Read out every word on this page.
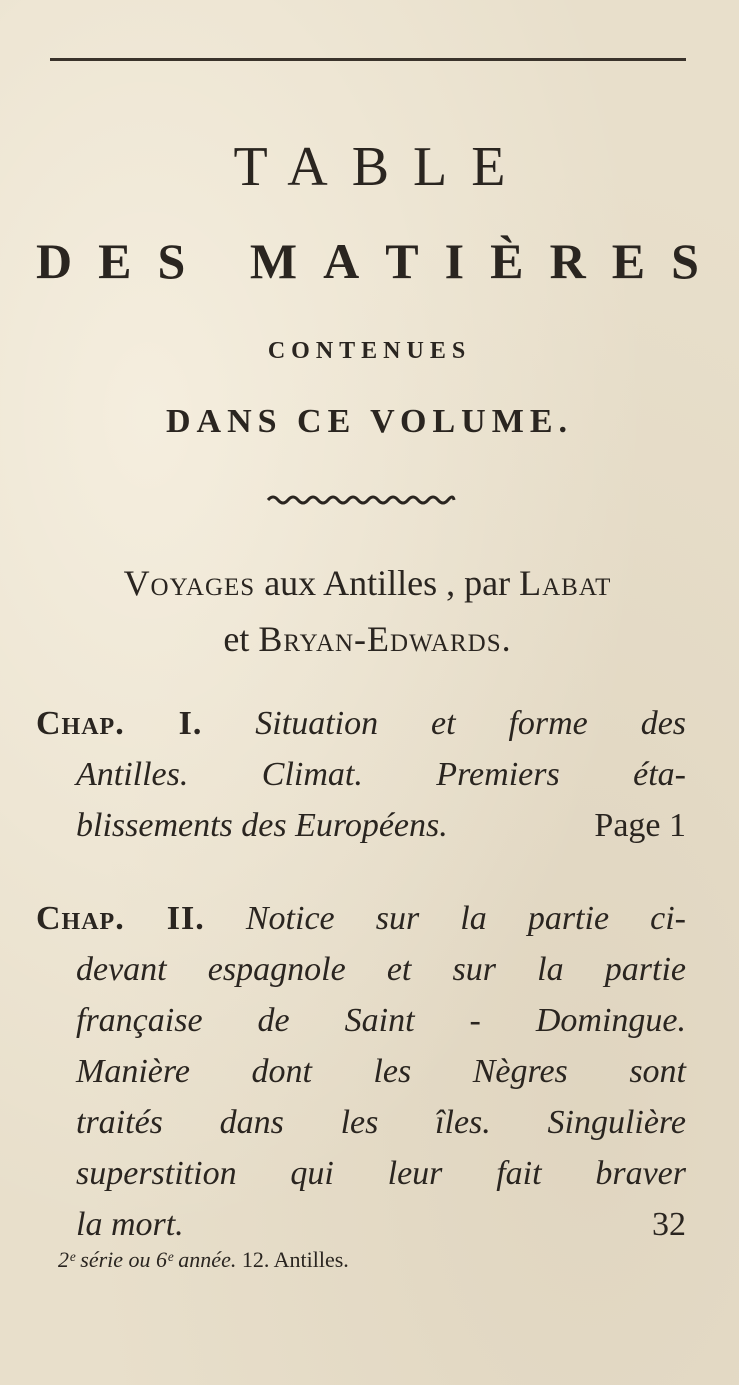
TABLE
D E S
M A T I È R E S
CONTENUES
DANS CE VOLUME.
Voyages aux Antilles , par Labat
et Bryan-Edwards.
Chap. I. Situation et forme des
Antilles. Climat. Premiers éta-
blissements des Européens.	Page 1
Chap. II. Notice sur la partie ci-
devant espagnole et sur la partie
française de Saint - Domingue.
Manière dont les Nègres sont
traités dans les îles. Singulière
superstition qui leur fait braver
la mort.	32
2ᵉ série ou 6ᵉ année. 12. Antilles.
